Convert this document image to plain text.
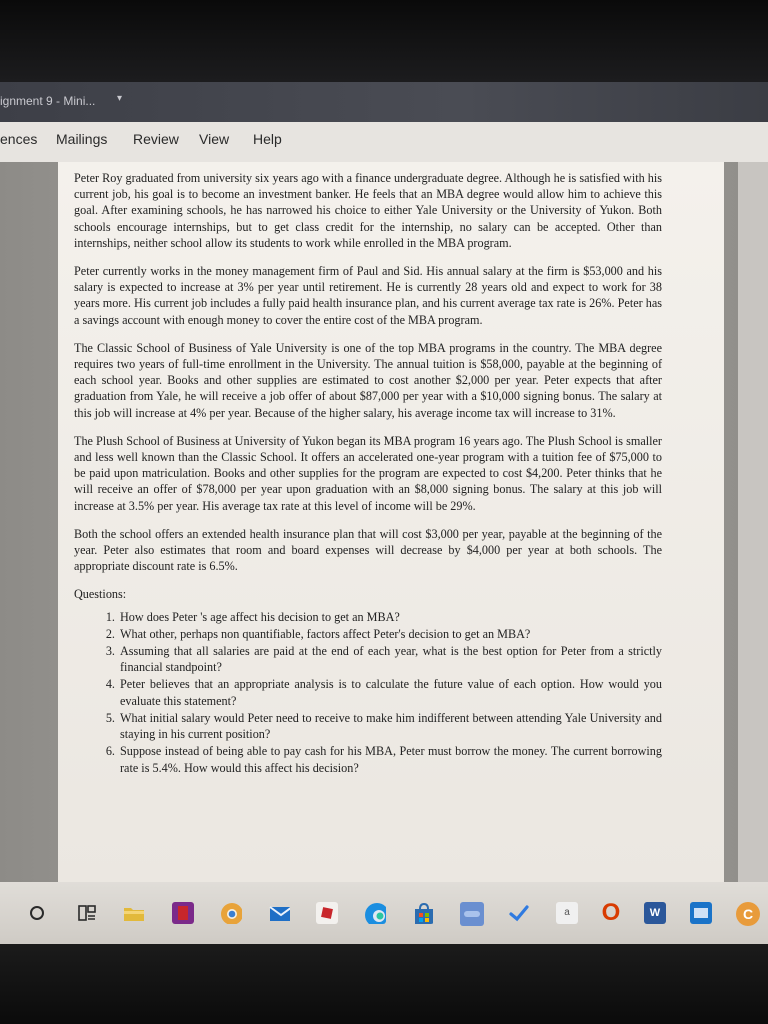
ignment 9 - Mini... ▾
ences Mailings Review View Help

Peter Roy graduated from university six years ago with a finance undergraduate degree. Although he is satisfied with his current job, his goal is to become an investment banker. He feels that an MBA degree would allow him to achieve this goal. After examining schools, he has narrowed his choice to either Yale University or the University of Yukon. Both schools encourage internships, but to get class credit for the internship, no salary can be accepted. Other than internships, neither school allow its students to work while enrolled in the MBA program.

Peter currently works in the money management firm of Paul and Sid. His annual salary at the firm is $53,000 and his salary is expected to increase at 3% per year until retirement. He is currently 28 years old and expect to work for 38 years more. His current job includes a fully paid health insurance plan, and his current average tax rate is 26%. Peter has a savings account with enough money to cover the entire cost of the MBA program.

The Classic School of Business of Yale University is one of the top MBA programs in the country. The MBA degree requires two years of full-time enrollment in the University. The annual tuition is $58,000, payable at the beginning of each school year. Books and other supplies are estimated to cost another $2,000 per year. Peter expects that after graduation from Yale, he will receive a job offer of about $87,000 per year with a $10,000 signing bonus. The salary at this job will increase at 4% per year. Because of the higher salary, his average income tax will increase to 31%.

The Plush School of Business at University of Yukon began its MBA program 16 years ago. The Plush School is smaller and less well known than the Classic School. It offers an accelerated one-year program with a tuition fee of $75,000 to be paid upon matriculation. Books and other supplies for the program are expected to cost $4,200. Peter thinks that he will receive an offer of $78,000 per year upon graduation with an $8,000 signing bonus. The salary at this job will increase at 3.5% per year. His average tax rate at this level of income will be 29%.

Both the school offers an extended health insurance plan that will cost $3,000 per year, payable at the beginning of the year. Peter also estimates that room and board expenses will decrease by $4,000 per year at both schools. The appropriate discount rate is 6.5%.

Questions:
1. How does Peter 's age affect his decision to get an MBA?
2. What other, perhaps non quantifiable, factors affect Peter's decision to get an MBA?
3. Assuming that all salaries are paid at the end of each year, what is the best option for Peter from a strictly financial standpoint?
4. Peter believes that an appropriate analysis is to calculate the future value of each option. How would you evaluate this statement?
5. What initial salary would Peter need to receive to make him indifferent between attending Yale University and staying in his current position?
6. Suppose instead of being able to pay cash for his MBA, Peter must borrow the money. The current borrowing rate is 5.4%. How would this affect his decision?
a	O	W	C
